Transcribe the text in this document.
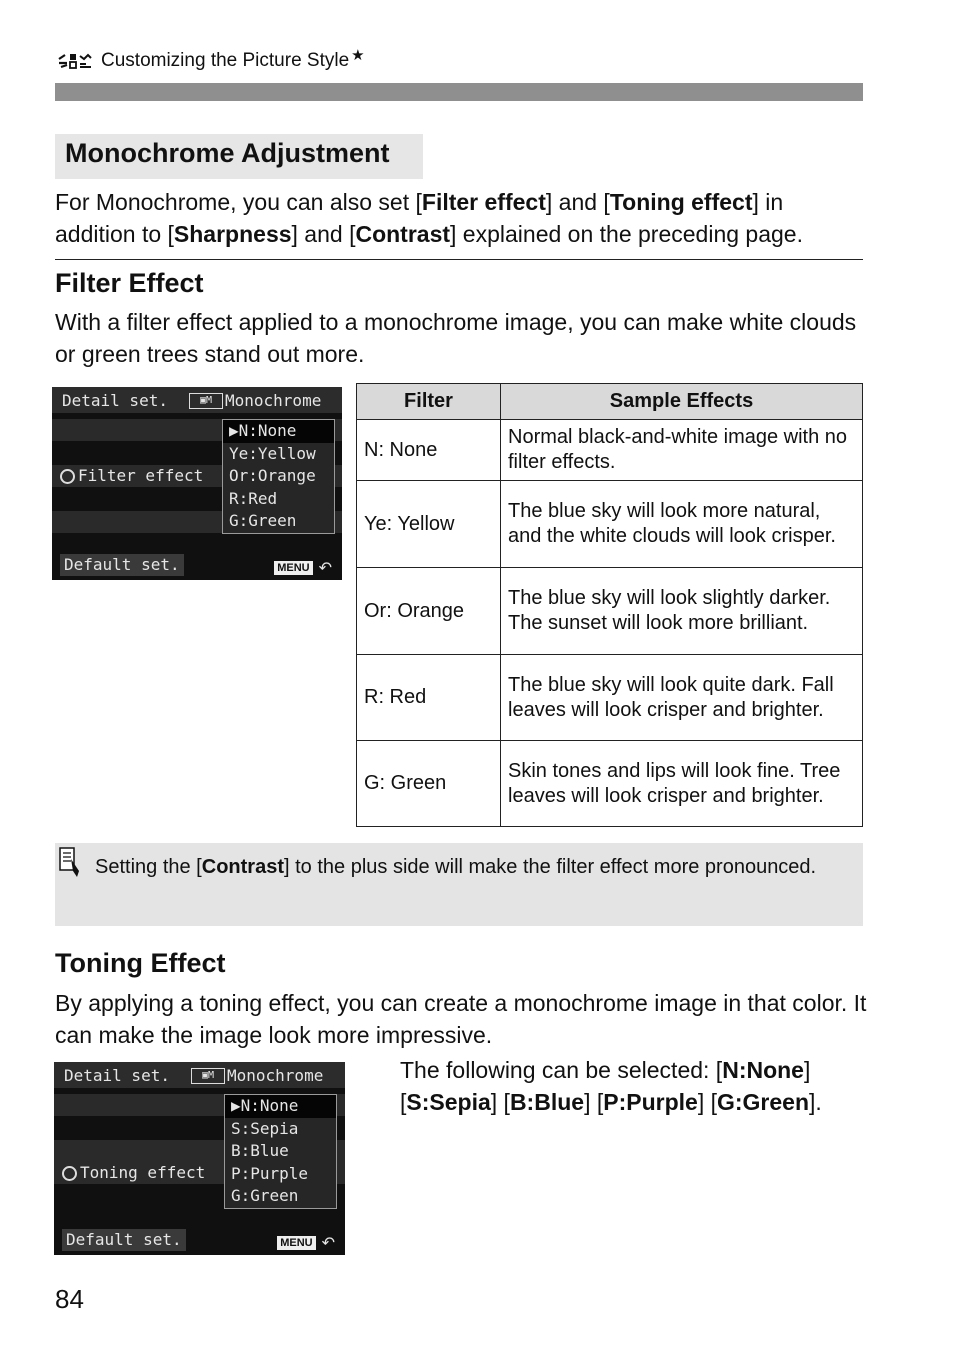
Customizing the Picture Style ★
Monochrome Adjustment

For Monochrome, you can also set [Filter effect] and [Toning effect] in addition to [Sharpness] and [Contrast] explained on the preceding page.

Filter Effect

With a filter effect applied to a monochrome image, you can make white clouds or green trees stand out more.

Detail set.	▣M Monochrome
Filter effect
▶N:None
Ye:Yellow
Or:Orange
R:Red
G:Green
Default set.	MENU ↶
Filter	Sample Effects
N: None	Normal black-and-white image with no filter effects.
Ye: Yellow	The blue sky will look more natural, and the white clouds will look crisper.
Or: Orange	The blue sky will look slightly darker. The sunset will look more brilliant.
R: Red	The blue sky will look quite dark. Fall leaves will look crisper and brighter.
G: Green	Skin tones and lips will look fine. Tree leaves will look crisper and brighter.

Setting the [Contrast] to the plus side will make the filter effect more pronounced.

Toning Effect

By applying a toning effect, you can create a monochrome image in that color. It can make the image look more impressive.

Detail set.	▣M Monochrome
Toning effect
▶N:None
S:Sepia
B:Blue
P:Purple
G:Green
Default set.	MENU ↶

The following can be selected: [N:None] [S:Sepia] [B:Blue] [P:Purple] [G:Green].

84
